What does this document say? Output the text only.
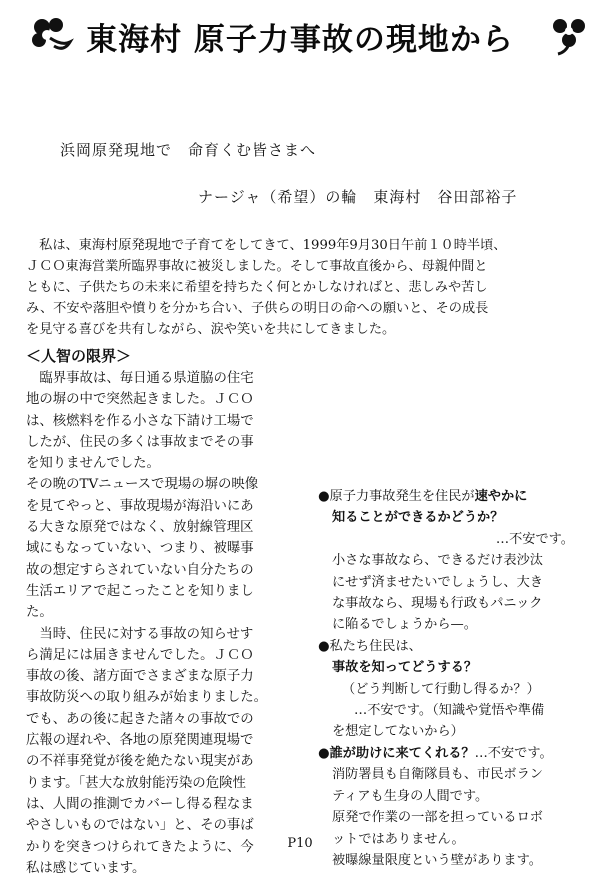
東海村 原子力事故の現地から
浜岡原発現地で　命育くむ皆さまへ
ナージャ（希望）の輪　東海村　谷田部裕子

　私は、東海村原発現地で子育てをしてきて、1999年9月30日午前１０時半頃、

ＪＣＯ東海営業所臨界事故に被災しました。そして事故直後から、母親仲間と

ともに、子供たちの未来に希望を持ちたく何とかしなければと、悲しみや苦し

み、不安や落胆や憤りを分かち合い、子供らの明日の命への願いと、その成長

を見守る喜びを共有しながら、涙や笑いを共にしてきました。

＜人智の限界＞

　臨界事故は、毎日通る県道脇の住宅

地の塀の中で突然起きました。ＪＣＯ

は、核燃料を作る小さな下請け工場で

したが、住民の多くは事故までその事

を知りませんでした。

その晩のTVニュースで現場の塀の映像

を見てやっと、事故現場が海沿いにあ

る大きな原発ではなく、放射線管理区

域にもなっていない、つまり、被曝事

故の想定すらされていない自分たちの

生活エリアで起こったことを知りまし

た。

　当時、住民に対する事故の知らせす

ら満足には届きませんでした。ＪＣＯ

事故の後、諸方面でさまざまな原子力

事故防災への取り組みが始まりました。

でも、あの後に起きた諸々の事故での

広報の遅れや、各地の原発関連現場で

の不祥事発覚が後を絶たない現実があ

ります。「甚大な放射能汚染の危険性

は、人間の推測でカバーし得る程なま

やさしいものではない」と、その事ば

かりを突きつけられてきたように、今

私は感じています。

●原子力事故発生を住民が速やかに

知ることができるかどうか？

…不安です。

小さな事故なら、できるだけ表沙汰

にせず済ませたいでしょうし、大き

な事故なら、現場も行政もパニック

に陥るでしょうから—。

●私たち住民は、

事故を知ってどうする？

（どう判断して行動し得るか？）

…不安です。（知識や覚悟や準備

を想定してないから）

●誰が助けに来てくれる？…不安です。

消防署員も自衛隊員も、市民ボラン

ティアも生身の人間です。

原発で作業の一部を担っているロボ

ットではありません。

被曝線量限度という壁があります。

P10
